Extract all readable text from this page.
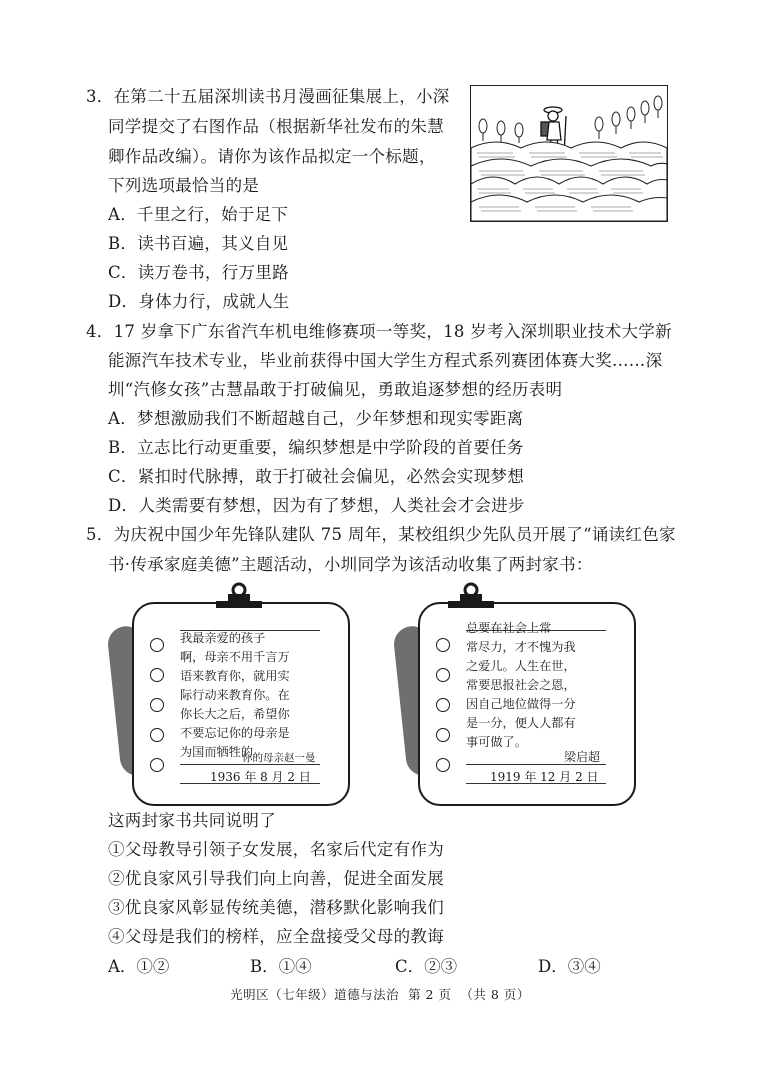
3．在第二十五届深圳读书月漫画征集展上，小深
同学提交了右图作品（根据新华社发布的朱慧
卿作品改编）。请你为该作品拟定一个标题，
下列选项最恰当的是
A．千里之行，始于足下
B．读书百遍，其义自见
C．读万卷书，行万里路
D．身体力行，成就人生
4．17 岁拿下广东省汽车机电维修赛项一等奖，18 岁考入深圳职业技术大学新
能源汽车技术专业，毕业前获得中国大学生方程式系列赛团体赛大奖……深
圳“汽修女孩”古慧晶敢于打破偏见，勇敢追逐梦想的经历表明
A．梦想激励我们不断超越自己，少年梦想和现实零距离
B．立志比行动更重要，编织梦想是中学阶段的首要任务
C．紧扣时代脉搏，敢于打破社会偏见，必然会实现梦想
D．人类需要有梦想，因为有了梦想，人类社会才会进步
5．为庆祝中国少年先锋队建队 75 周年，某校组织少先队员开展了“诵读红色家
书·传承家庭美德”主题活动，小圳同学为该活动收集了两封家书：
我最亲爱的孩子
啊，母亲不用千言万
语来教育你，就用实
际行动来教育你。在
你长大之后，希望你
不要忘记你的母亲是
为国而牺牲的。
你的母亲赵一曼
1936 年 8 月 2 日
总要在社会上常
常尽力，才不愧为我
之爱儿。人生在世，
常要思报社会之恩，
因自己地位做得一分
是一分，便人人都有
事可做了。
梁启超
1919 年 12 月 2 日
这两封家书共同说明了
①父母教导引领子女发展，名家后代定有作为
②优良家风引导我们向上向善，促进全面发展
③优良家风彰显传统美德，潜移默化影响我们
④父母是我们的榜样，应全盘接受父母的教诲
A．①②	B．①④	C．②③	D．③④
光明区（七年级）道德与法治  第 2 页  （共 8 页）
